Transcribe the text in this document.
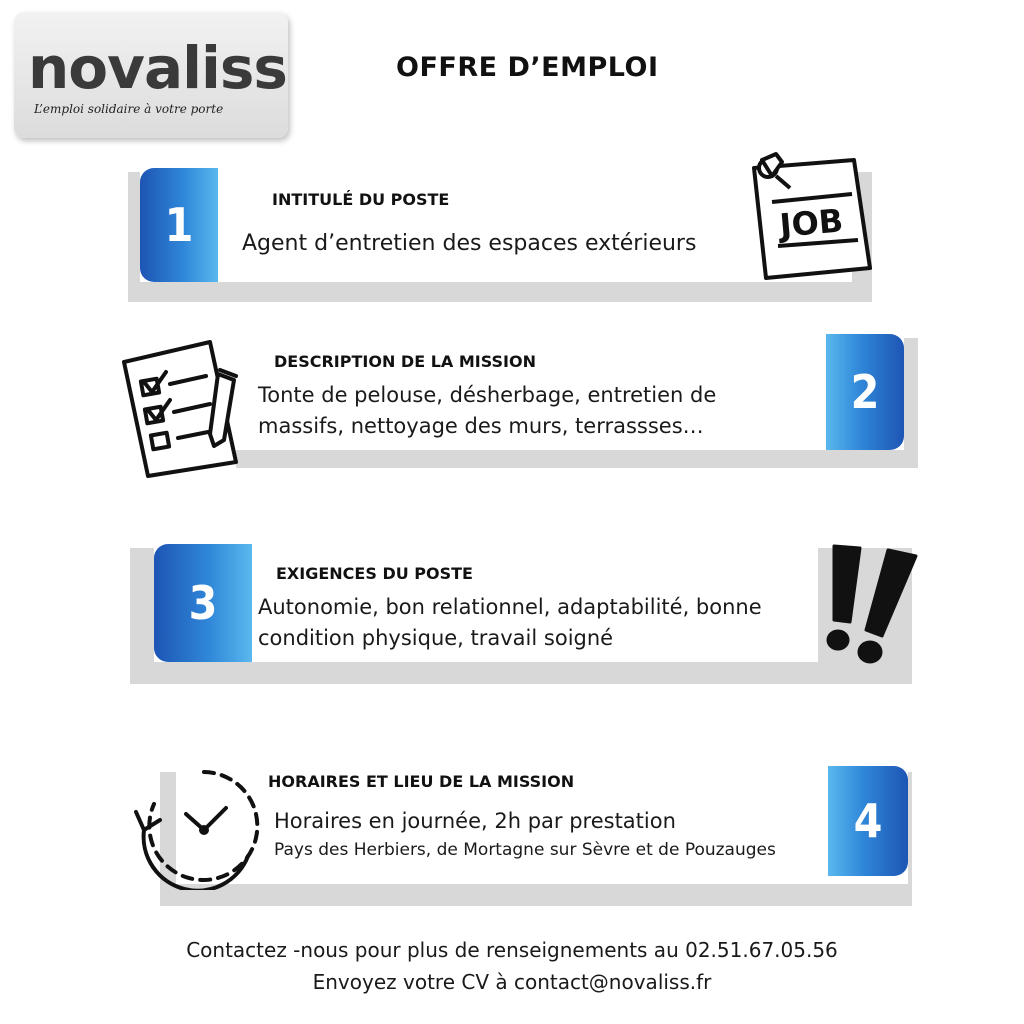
novaliss
L’emploi solidaire à votre porte
OFFRE D’EMPLOI
1	INTITULÉ DU POSTE
Agent d’entretien des espaces extérieurs	JOB
2
DESCRIPTION DE LA MISSION
Tonte de pelouse, désherbage, entretien de
massifs, nettoyage des murs, terrassses…
3
EXIGENCES DU POSTE
Autonomie, bon relationnel, adaptabilité, bonne
condition physique, travail soigné
4
HORAIRES ET LIEU DE LA MISSION
Horaires en journée, 2h par prestation
Pays des Herbiers, de Mortagne sur Sèvre et de Pouzauges
Contactez -nous pour plus de renseignements au 02.51.67.05.56
Envoyez votre CV à contact@novaliss.fr
